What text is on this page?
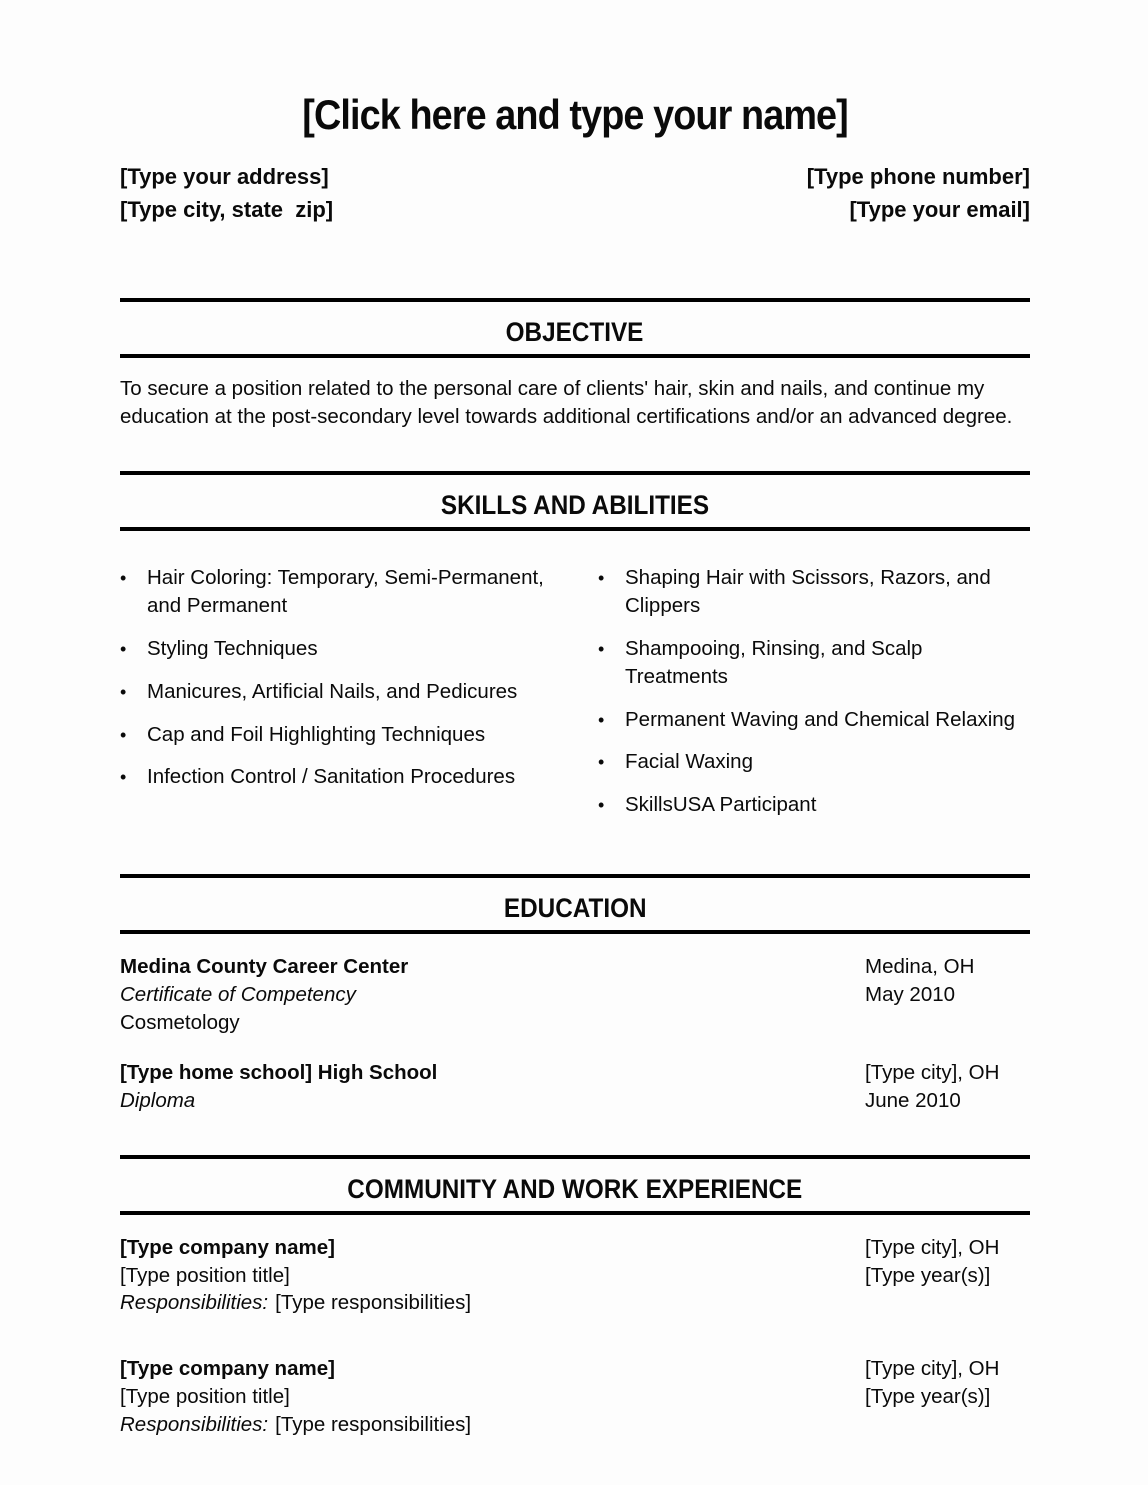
[Click here and type your name]
[Type your address]
[Type city, state  zip]
[Type phone number]
[Type your email]
OBJECTIVE

To secure a position related to the personal care of clients' hair, skin and nails, and continue my education at the post-secondary level towards additional certifications and/or an advanced degree.

SKILLS AND ABILITIES
• Hair Coloring: Temporary, Semi-Permanent, and Permanent
• Styling Techniques
• Manicures, Artificial Nails, and Pedicures
• Cap and Foil Highlighting Techniques
• Infection Control / Sanitation Procedures
• Shaping Hair with Scissors, Razors, and Clippers
• Shampooing, Rinsing, and Scalp Treatments
• Permanent Waving and Chemical Relaxing
• Facial Waxing
• SkillsUSA Participant
EDUCATION
Medina County Career Center
Certificate of Competency
Cosmetology
Medina, OH
May 2010
[Type home school] High School
Diploma
[Type city], OH
June 2010
COMMUNITY AND WORK EXPERIENCE
[Type company name]
[Type position title]
Responsibilities: [Type responsibilities]
[Type city], OH
[Type year(s)]
[Type company name]
[Type position title]
Responsibilities: [Type responsibilities]
[Type city], OH
[Type year(s)]
